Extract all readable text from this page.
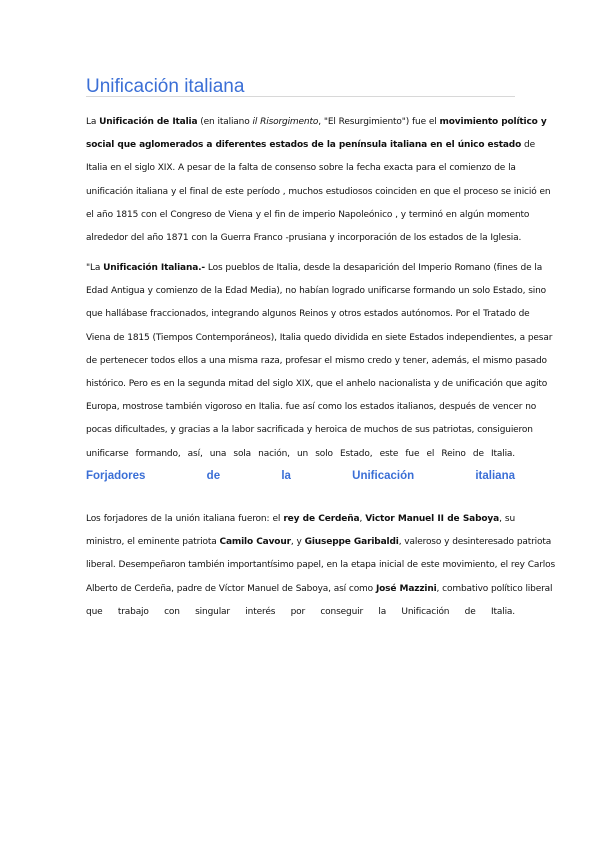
Unificación italiana
La Unificación de Italia (en italiano il Risorgimento, "El Resurgimiento") fue el movimiento político y
social que aglomerados a diferentes estados de la península italiana en el único estado de
Italia en el siglo XIX. A pesar de la falta de consenso sobre la fecha exacta para el comienzo de la
unificación italiana y el final de este período , muchos estudiosos coinciden en que el proceso se inició en
el año 1815 con el Congreso de Viena y el fin de imperio Napoleónico , y terminó en algún momento
alrededor del año 1871 con la Guerra Franco -prusiana y incorporación de los estados de la Iglesia.
"La Unificación Italiana.- Los pueblos de Italia, desde la desaparición del Imperio Romano (fines de la
Edad Antigua y comienzo de la Edad Media), no habían logrado unificarse formando un solo Estado, sino
que hallábase fraccionados, integrando algunos Reinos y otros estados autónomos. Por el Tratado de
Viena de 1815 (Tiempos Contemporáneos), Italia quedo dividida en siete Estados independientes, a pesar
de pertenecer todos ellos a una misma raza, profesar el mismo credo y tener, además, el mismo pasado
histórico. Pero es en la segunda mitad del siglo XIX, que el anhelo nacionalista y de unificación que agito
Europa, mostrose también vigoroso en Italia. fue así como los estados italianos, después de vencer no
pocas dificultades, y gracias a la labor sacrificada y heroica de muchos de sus patriotas, consiguieron
unificarse formando, así, una sola nación, un solo Estado, este fue el Reino de Italia.
Forjadores de la Unificación italiana
Los forjadores de la unión italiana fueron: el rey de Cerdeña, Victor Manuel II de Saboya, su
ministro, el eminente patriota Camilo Cavour, y Giuseppe Garibaldi, valeroso y desinteresado patriota
liberal. Desempeñaron también importantísimo papel, en la etapa inicial de este movimiento, el rey Carlos
Alberto de Cerdeña, padre de Víctor Manuel de Saboya, así como José Mazzini, combativo político liberal
que trabajo con singular interés por conseguir la Unificación de Italia.
